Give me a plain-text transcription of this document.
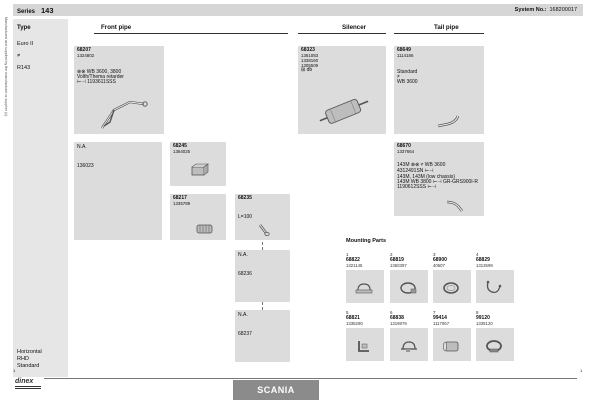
Series 143	System No.: 168200017
Manufactured and supplied by the manufacturer or supplier (c) Type
Euro II
≠
R143
Horizontal
RHD
Standard
Front pipe	Silencer	Tail pipe
68207
1324802
⊗⊗ WB 3600, 3800
Volth/Thema retarder
⊢⊣ 1193611SSS
68323
1361083
1338160
1305509
⊞ db
68649
1114186
Standard
≠
WB 3600
68670
1337664
143M ⊗⊗ ≠ WB 3600
4312491SN ⊢⊣
143M, 143M (low chassis)
143M WB 3800 ⊢⊣ GR-GRS900I-R
1190612SSS ⊢⊣
N.A.
136023
68245
1364025
68217
1335789
68235
L=100
N.A.
68236
N.A.
68237
Mounting Parts
1
68822
1321145
2
68819
1360397
3
68900
40607
4
68829
1313599
5
68821
1335290
6
68838
1319879
7
99414
1117067
8
99120
1335120
dinex
SCANIA
1	1
